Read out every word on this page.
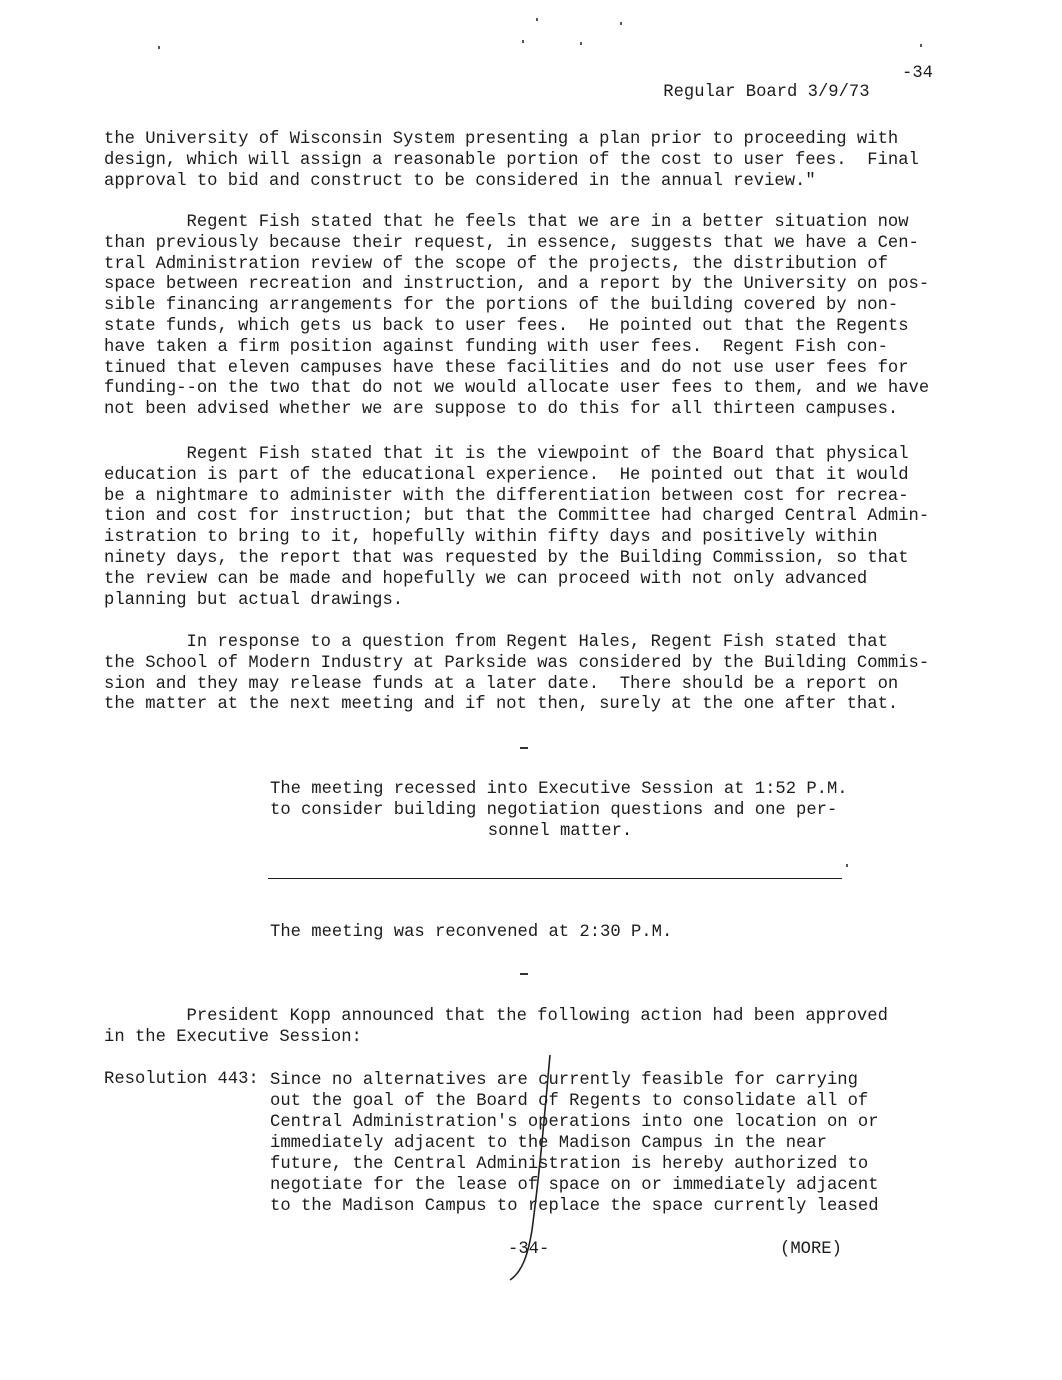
Regular Board 3/9/73

-34

the University of Wisconsin System presenting a plan prior to proceeding with
design, which will assign a reasonable portion of the cost to user fees.  Final
approval to bid and construct to be considered in the annual review."
Regent Fish stated that he feels that we are in a better situation now
than previously because their request, in essence, suggests that we have a Cen-
tral Administration review of the scope of the projects, the distribution of
space between recreation and instruction, and a report by the University on pos-
sible financing arrangements for the portions of the building covered by non-
state funds, which gets us back to user fees.  He pointed out that the Regents
have taken a firm position against funding with user fees.  Regent Fish con-
tinued that eleven campuses have these facilities and do not use user fees for
funding--on the two that do not we would allocate user fees to them, and we have
not been advised whether we are suppose to do this for all thirteen campuses.
Regent Fish stated that it is the viewpoint of the Board that physical
education is part of the educational experience.  He pointed out that it would
be a nightmare to administer with the differentiation between cost for recrea-
tion and cost for instruction; but that the Committee had charged Central Admin-
istration to bring to it, hopefully within fifty days and positively within
ninety days, the report that was requested by the Building Commission, so that
the review can be made and hopefully we can proceed with not only advanced
planning but actual drawings.
In response to a question from Regent Hales, Regent Fish stated that
the School of Modern Industry at Parkside was considered by the Building Commis-
sion and they may release funds at a later date.  There should be a report on
the matter at the next meeting and if not then, surely at the one after that.
The meeting recessed into Executive Session at 1:52 P.M.
to consider building negotiation questions and one per-
sonnel matter.
The meeting was reconvened at 2:30 P.M.
President Kopp announced that the following action had been approved
in the Executive Session:
Resolution 443: Since no alternatives are currently feasible for carrying
out the goal of the Board of Regents to consolidate all of
Central Administration's operations into one location on or
immediately adjacent to the Madison Campus in the near
future, the Central Administration is hereby authorized to
negotiate for the lease of space on or immediately adjacent
to the Madison Campus to replace the space currently leased
-34-	(MORE)
